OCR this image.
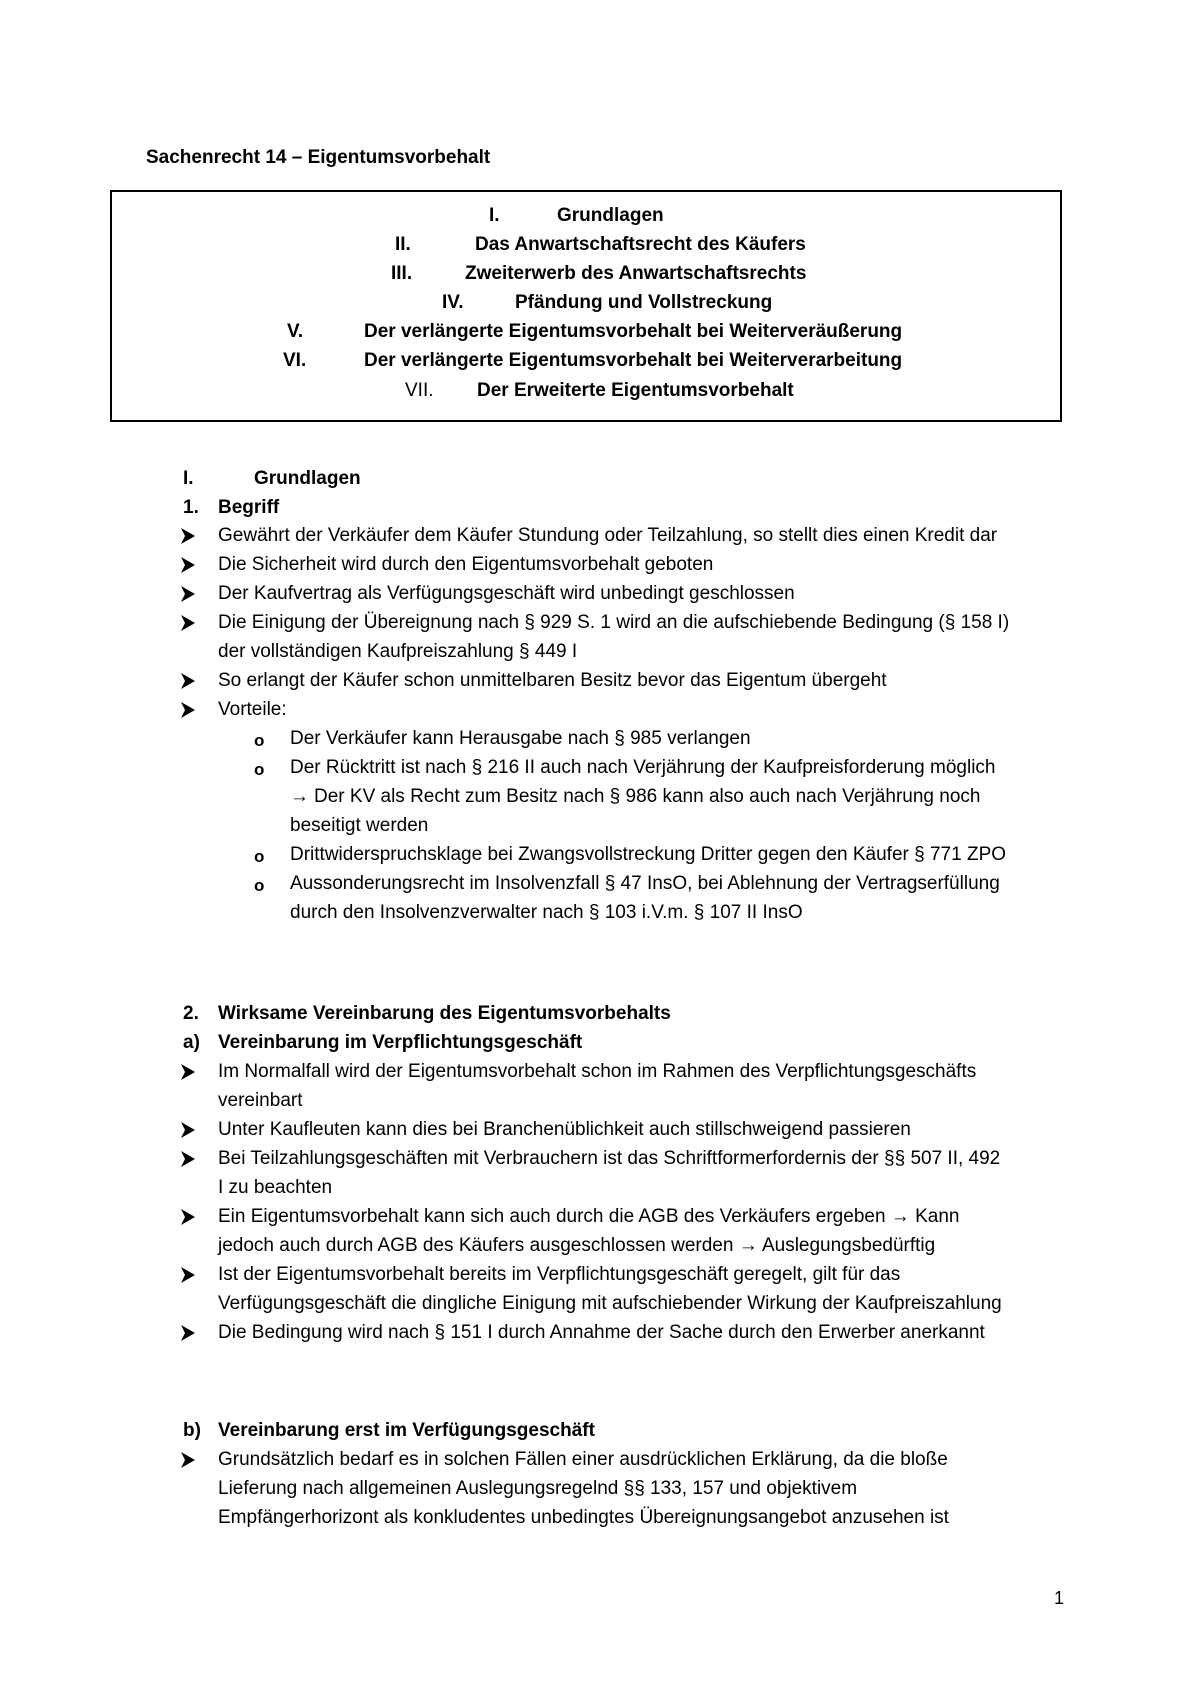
Sachenrecht 14 – Eigentumsvorbehalt
I.	Grundlagen
II.	Das Anwartschaftsrecht des Käufers
III.	Zweiterwerb des Anwartschaftsrechts
IV.	Pfändung und Vollstreckung
V.	Der verlängerte Eigentumsvorbehalt bei Weiterveräußerung
VI.	Der verlängerte Eigentumsvorbehalt bei Weiterverarbeitung
VII. Der Erweiterte Eigentumsvorbehalt
I.	Grundlagen
1. Begriff
Gewährt der Verkäufer dem Käufer Stundung oder Teilzahlung, so stellt dies einen Kredit dar
Die Sicherheit wird durch den Eigentumsvorbehalt geboten
Der Kaufvertrag als Verfügungsgeschäft wird unbedingt geschlossen
Die Einigung der Übereignung nach § 929 S. 1 wird an die aufschiebende Bedingung (§ 158 I)
der vollständigen Kaufpreiszahlung § 449 I
So erlangt der Käufer schon unmittelbaren Besitz bevor das Eigentum übergeht
Vorteile:
o Der Verkäufer kann Herausgabe nach § 985 verlangen
o Der Rücktritt ist nach § 216 II auch nach Verjährung der Kaufpreisforderung möglich
→ Der KV als Recht zum Besitz nach § 986 kann also auch nach Verjährung noch
beseitigt werden
o Drittwiderspruchsklage bei Zwangsvollstreckung Dritter gegen den Käufer § 771 ZPO
o Aussonderungsrecht im Insolvenzfall § 47 InsO, bei Ablehnung der Vertragserfüllung
durch den Insolvenzverwalter nach § 103 i.V.m. § 107 II InsO
2. Wirksame Vereinbarung des Eigentumsvorbehalts
a) Vereinbarung im Verpflichtungsgeschäft
Im Normalfall wird der Eigentumsvorbehalt schon im Rahmen des Verpflichtungsgeschäfts
vereinbart
Unter Kaufleuten kann dies bei Branchenüblichkeit auch stillschweigend passieren
Bei Teilzahlungsgeschäften mit Verbrauchern ist das Schriftformerfordernis der §§ 507 II, 492
I zu beachten
Ein Eigentumsvorbehalt kann sich auch durch die AGB des Verkäufers ergeben → Kann
jedoch auch durch AGB des Käufers ausgeschlossen werden → Auslegungsbedürftig
Ist der Eigentumsvorbehalt bereits im Verpflichtungsgeschäft geregelt, gilt für das
Verfügungsgeschäft die dingliche Einigung mit aufschiebender Wirkung der Kaufpreiszahlung
Die Bedingung wird nach § 151 I durch Annahme der Sache durch den Erwerber anerkannt
b) Vereinbarung erst im Verfügungsgeschäft
Grundsätzlich bedarf es in solchen Fällen einer ausdrücklichen Erklärung, da die bloße
Lieferung nach allgemeinen Auslegungsregelnd §§ 133, 157 und objektivem
Empfängerhorizont als konkludentes unbedingtes Übereignungsangebot anzusehen ist
1
